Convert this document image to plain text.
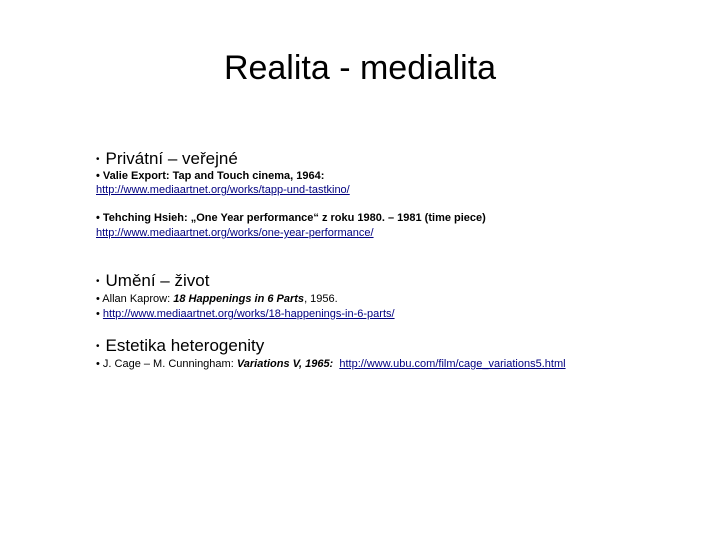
Realita - medialita
• Privátní – veřejné
• Valie Export: Tap and Touch cinema, 1964:
http://www.mediaartnet.org/works/tapp-und-tastkino/
• Tehching Hsieh: „One Year performance“ z roku 1980. – 1981 (time piece)
http://www.mediaartnet.org/works/one-year-performance/
• Umění – život
• Allan Kaprow: 18 Happenings in 6 Parts, 1956.
• http://www.mediaartnet.org/works/18-happenings-in-6-parts/
• Estetika heterogenity
• J. Cage – M. Cunningham: Variations V, 1965: http://www.ubu.com/film/cage_variations5.html
